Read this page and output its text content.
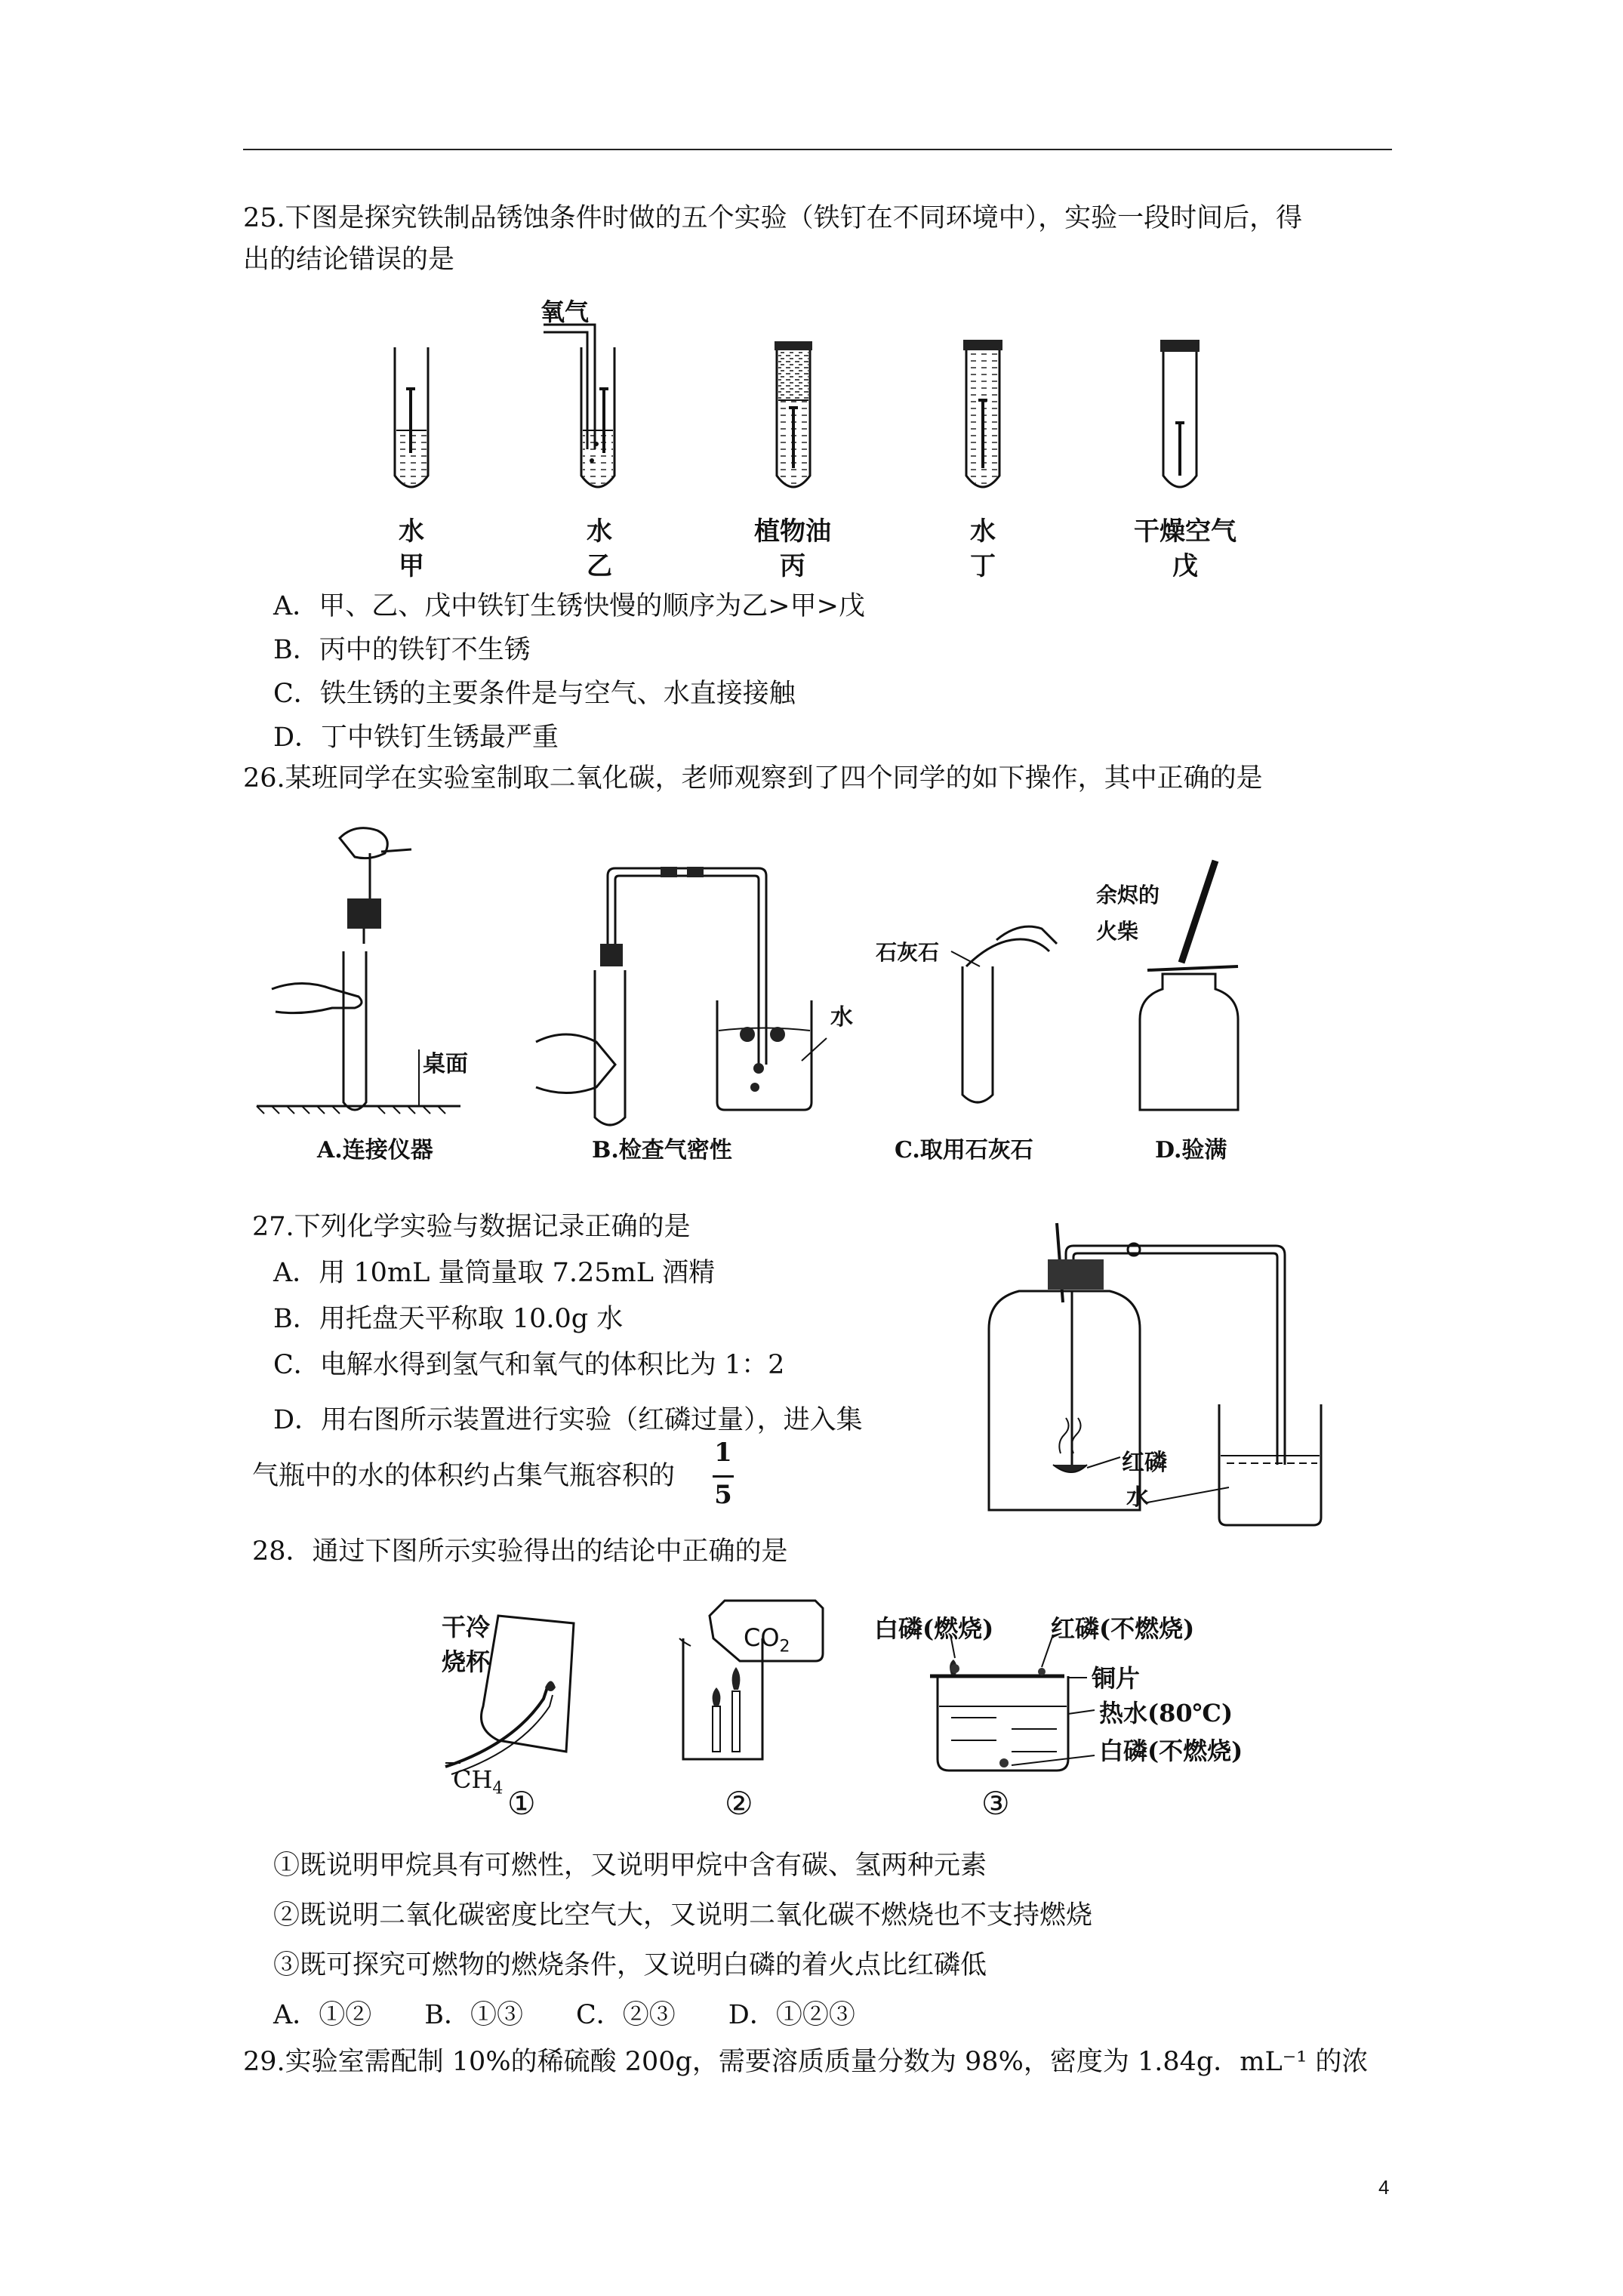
25.下图是探究铁制品锈蚀条件时做的五个实验（铁钉在不同环境中），实验一段时间后，得
出的结论错误的是
氧气
水
甲
水
乙
植物油
丙
水
丁
干燥空气
戊
A．甲、乙、戊中铁钉生锈快慢的顺序为乙>甲>戊
B．丙中的铁钉不生锈
C．铁生锈的主要条件是与空气、水直接接触
D．丁中铁钉生锈最严重
26.某班同学在实验室制取二氧化碳，老师观察到了四个同学的如下操作，其中正确的是
桌面
水
石灰石
余烬的
火柴
A.连接仪器	B.检查气密性	C.取用石灰石	D.验满
27.下列化学实验与数据记录正确的是
A．用 10mL 量筒量取 7.25mL 酒精
B．用托盘天平称取 10.0g 水
C．电解水得到氢气和氧气的体积比为 1：2
D．用右图所示装置进行实验（红磷过量），进入集
气瓶中的水的体积约占集气瓶容积的
1
5
红磷
水
28．通过下图所示实验得出的结论中正确的是
干冷
烧杯
$CH_4$
$CO_2$
白磷(燃烧) 红磷(不燃烧)
铜片
热水(80℃)
白磷(不燃烧)
①	②	③
①既说明甲烷具有可燃性，又说明甲烷中含有碳、氢两种元素
②既说明二氧化碳密度比空气大，又说明二氧化碳不燃烧也不支持燃烧
③既可探究可燃物的燃烧条件，又说明白磷的着火点比红磷低
A．①②　　B．①③　　C．②③　　D．①②③
29.实验室需配制 10%的稀硫酸 200g，需要溶质质量分数为 98%，密度为 1.84g．mL⁻¹ 的浓
4
